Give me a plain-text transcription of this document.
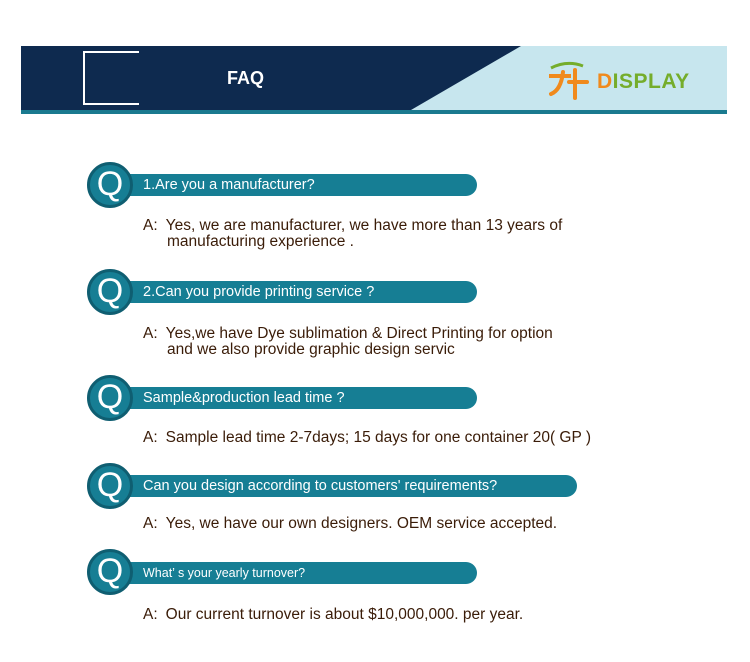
FAQ	DISPLAY
1.Are you a manufacturer?
Q
A: Yes, we are manufacturer, we have more than 13 years of
manufacturing experience .
2.Can you provide printing service ?
Q
A: Yes,we have Dye sublimation & Direct Printing for option
and we also provide graphic design servic
Sample&production lead time ?
Q
A: Sample lead time 2-7days; 15 days for one container 20( GP )
Can you design according to customers' requirements?
Q
A: Yes, we have our own designers. OEM service accepted.
What’ s your yearly turnover?
Q
A: Our current turnover is about $10,000,000. per year.
